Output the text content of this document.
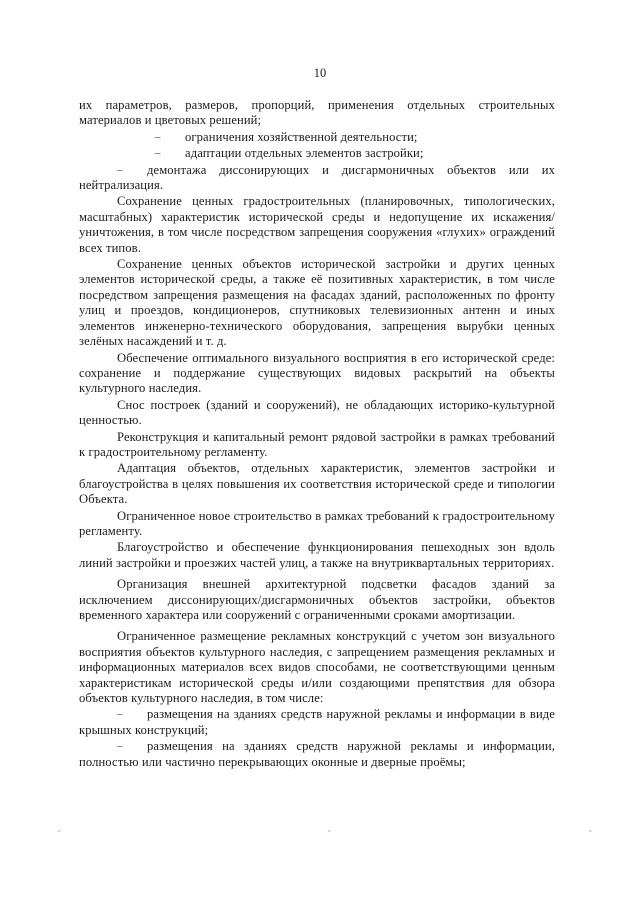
10

их параметров, размеров, пропорций, применения отдельных строительных материалов и цветовых решений;

– ограничения хозяйственной деятельности;

– адаптации отдельных элементов застройки;

– демонтажа диссонирующих и дисгармоничных объектов или их нейтрализация.

Сохранение ценных градостроительных (планировочных, типологических, масштабных) характеристик исторической среды и недопущение их искажения/уничтожения, в том числе посредством запрещения сооружения «глухих» ограждений всех типов.

Сохранение ценных объектов исторической застройки и других ценных элементов исторической среды, а также её позитивных характеристик, в том числе посредством запрещения размещения на фасадах зданий, расположенных по фронту улиц и проездов, кондиционеров, спутниковых телевизионных антенн и иных элементов инженерно-технического оборудования, запрещения вырубки ценных зелёных насаждений и т. д.

Обеспечение оптимального визуального восприятия в его исторической среде: сохранение и поддержание существующих видовых раскрытий на объекты культурного наследия.

Снос построек (зданий и сооружений), не обладающих историко-культурной ценностью.

Реконструкция и капитальный ремонт рядовой застройки в рамках требований к градостроительному регламенту.

Адаптация объектов, отдельных характеристик, элементов застройки и благоустройства в целях повышения их соответствия исторической среде и типологии Объекта.

Ограниченное новое строительство в рамках требований к градостроительному регламенту.

Благоустройство и обеспечение функционирования пешеходных зон вдоль линий застройки и проезжих частей улиц, а также на внутриквартальных территориях.

Организация внешней архитектурной подсветки фасадов зданий за исключением диссонирующих/дисгармоничных объектов застройки, объектов временного характера или сооружений с ограниченными сроками амортизации.

Ограниченное размещение рекламных конструкций с учетом зон визуального восприятия объектов культурного наследия, с запрещением размещения рекламных и информационных материалов всех видов способами, не соответствующими ценным характеристикам исторической среды и/или создающими препятствия для обзора объектов культурного наследия, в том числе:

– размещения на зданиях средств наружной рекламы и информации в виде крышных конструкций;

– размещения на зданиях средств наружной рекламы и информации, полностью или частично перекрывающих оконные и дверные проёмы;

ᵕ	ᵕ	ᵕ
